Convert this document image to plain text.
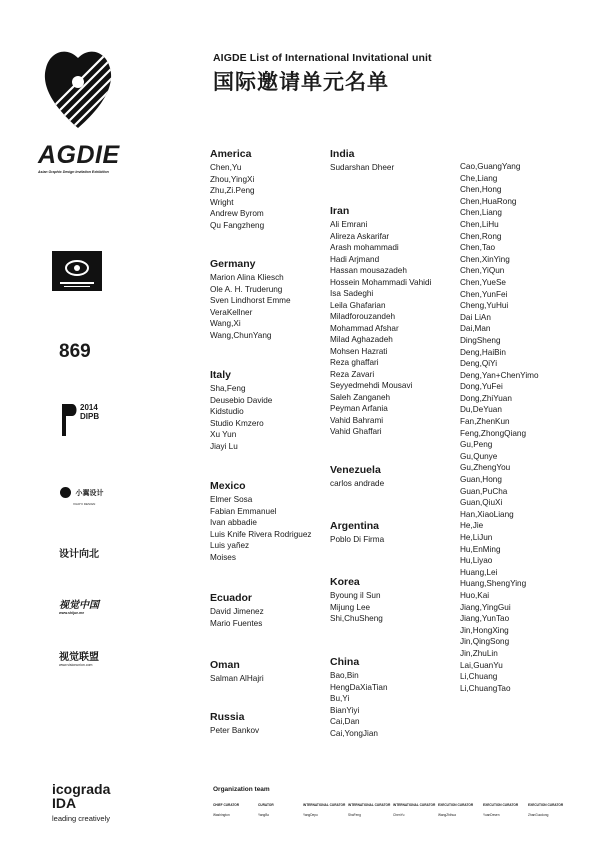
AIGDE List of International Invitational unit
国际邀请单元名单
AGDIE
Asian Graphic Design Invitation Exhibition
869
2014
DIPB
小翼设计
XIAOYI DESIGN
设计向北
视觉中国
www.shijue.me
视觉联盟
www.visionunion.com
icograda
IDA
leading creatively
America
Chen,Yu
Zhou,YingXi
Zhu,Zi.Peng
Wright
Andrew Byrom
Qu Fangzheng
Germany
Marion Alina Kliesch
Ole A. H. Truderung
Sven Lindhorst Emme
VeraKellner
Wang,Xi
Wang,ChunYang
Italy
Sha,Feng
Deusebio Davide
Kidstudio
Studio Kmzero
Xu Yun
Jiayi Lu
Mexico
Elmer Sosa
Fabian Emmanuel
Ivan abbadie
Luis Knife Rivera Rodriguez
Luis yañez
Moises
Ecuador
David Jimenez
Mario Fuentes
Oman
Salman AlHajri
Russia
Peter Bankov
India
Sudarshan Dheer
Iran
Ali Emrani
Alireza Askarifar
Arash mohammadi
Hadi Arjmand
Hassan mousazadeh
Hossein Mohammadi Vahidi
Isa Sadeghi
Leila Ghafarian
Miladforouzandeh
Mohammad Afshar
Milad Aghazadeh
Mohsen Hazrati
Reza ghaffari
Reza Zavari
Seyyedmehdi Mousavi
Saleh Zanganeh
Peyman Arfania
Vahid Bahrami
Vahid Ghaffari
Venezuela
carlos andrade
Argentina
Poblo Di Firma
Korea
Byoung il Sun
Mijung Lee
Shi,ChuSheng
China
Bao,Bin
HengDaXiaTian
Bu,Yi
BianYiyi
Cai,Dan
Cai,YongJian
Cao,GuangYang
Che,Liang
Chen,Hong
Chen,HuaRong
Chen,Liang
Chen,LiHu
Chen,Rong
Chen,Tao
Chen,XinYing
Chen,YiQun
Chen,YueSe
Chen,YunFei
Cheng,YuHui
Dai LiAn
Dai,Man
DingSheng
Deng,HaiBin
Deng,QiYi
Deng,Yan+ChenYimo
Dong,YuFei
Dong,ZhiYuan
Du,DeYuan
Fan,ZhenKun
Feng,ZhongQiang
Gu,Peng
Gu,Qunye
Gu,ZhengYou
Guan,Hong
Guan,PuCha
Guan,QiuXi
Han,XiaoLiang
He,Jie
He,LiJun
Hu,EnMing
Hu,Liyao
Huang,Lei
Huang,ShengYing
Huo,Kai
Jiang,YingGui
Jiang,YunTao
Jin,HongXing
Jin,QingSong
Jin,ZhuLin
Lai,GuanYu
Li,Chuang
Li,ChuangTao
Organization team
CHIEF CURATOR
Washington
CURATOR
YangBo
INTERNATIONAL CURATOR
YangDepu
INTERNATIONAL CURATOR
ShaFeng
INTERNATIONAL CURATOR
ChenYu
EXECUTION CURATOR
WangZhihua
EXECUTION CURATOR
YuanDesen
EXECUTION CURATOR
ZhanGuodong
